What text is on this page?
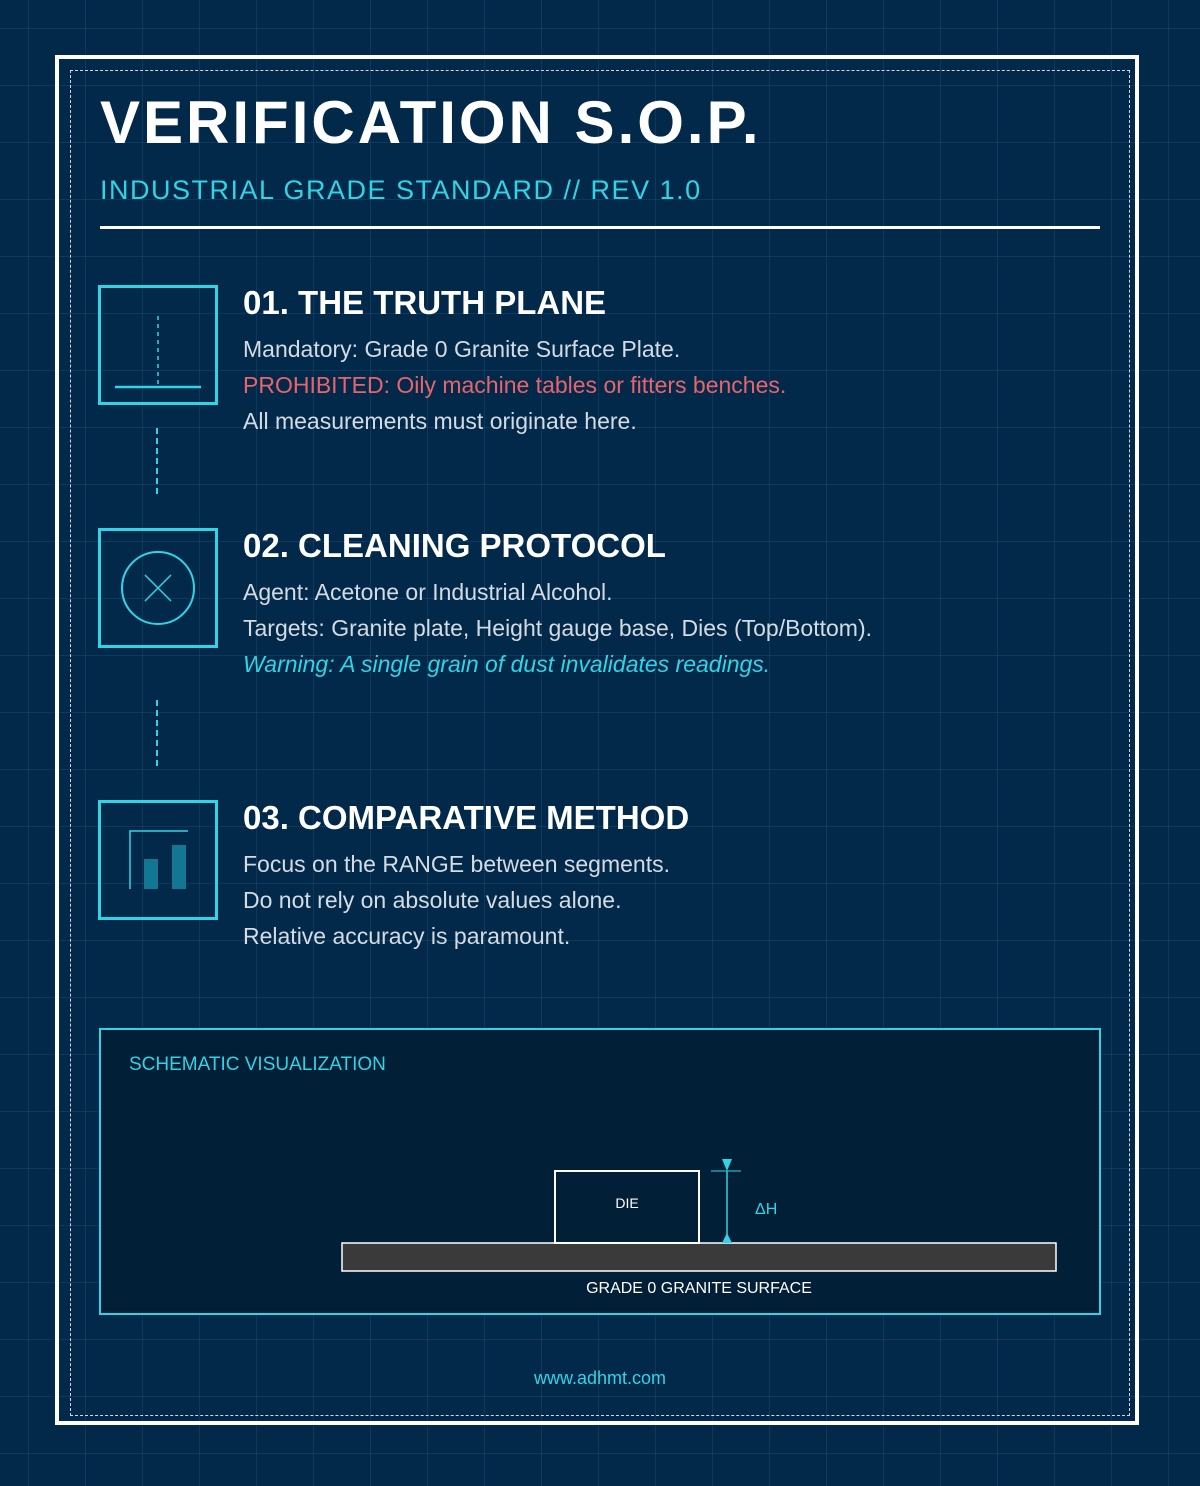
VERIFICATION S.O.P.
INDUSTRIAL GRADE STANDARD // REV 1.0
01. THE TRUTH PLANE
Mandatory: Grade 0 Granite Surface Plate.
PROHIBITED: Oily machine tables or fitters benches.
All measurements must originate here.
02. CLEANING PROTOCOL
Agent: Acetone or Industrial Alcohol.
Targets: Granite plate, Height gauge base, Dies (Top/Bottom).
Warning: A single grain of dust invalidates readings.
03. COMPARATIVE METHOD
Focus on the RANGE between segments.
Do not rely on absolute values alone.
Relative accuracy is paramount.
SCHEMATIC VISUALIZATION
DIE	ΔH
GRADE 0 GRANITE SURFACE
www.adhmt.com
